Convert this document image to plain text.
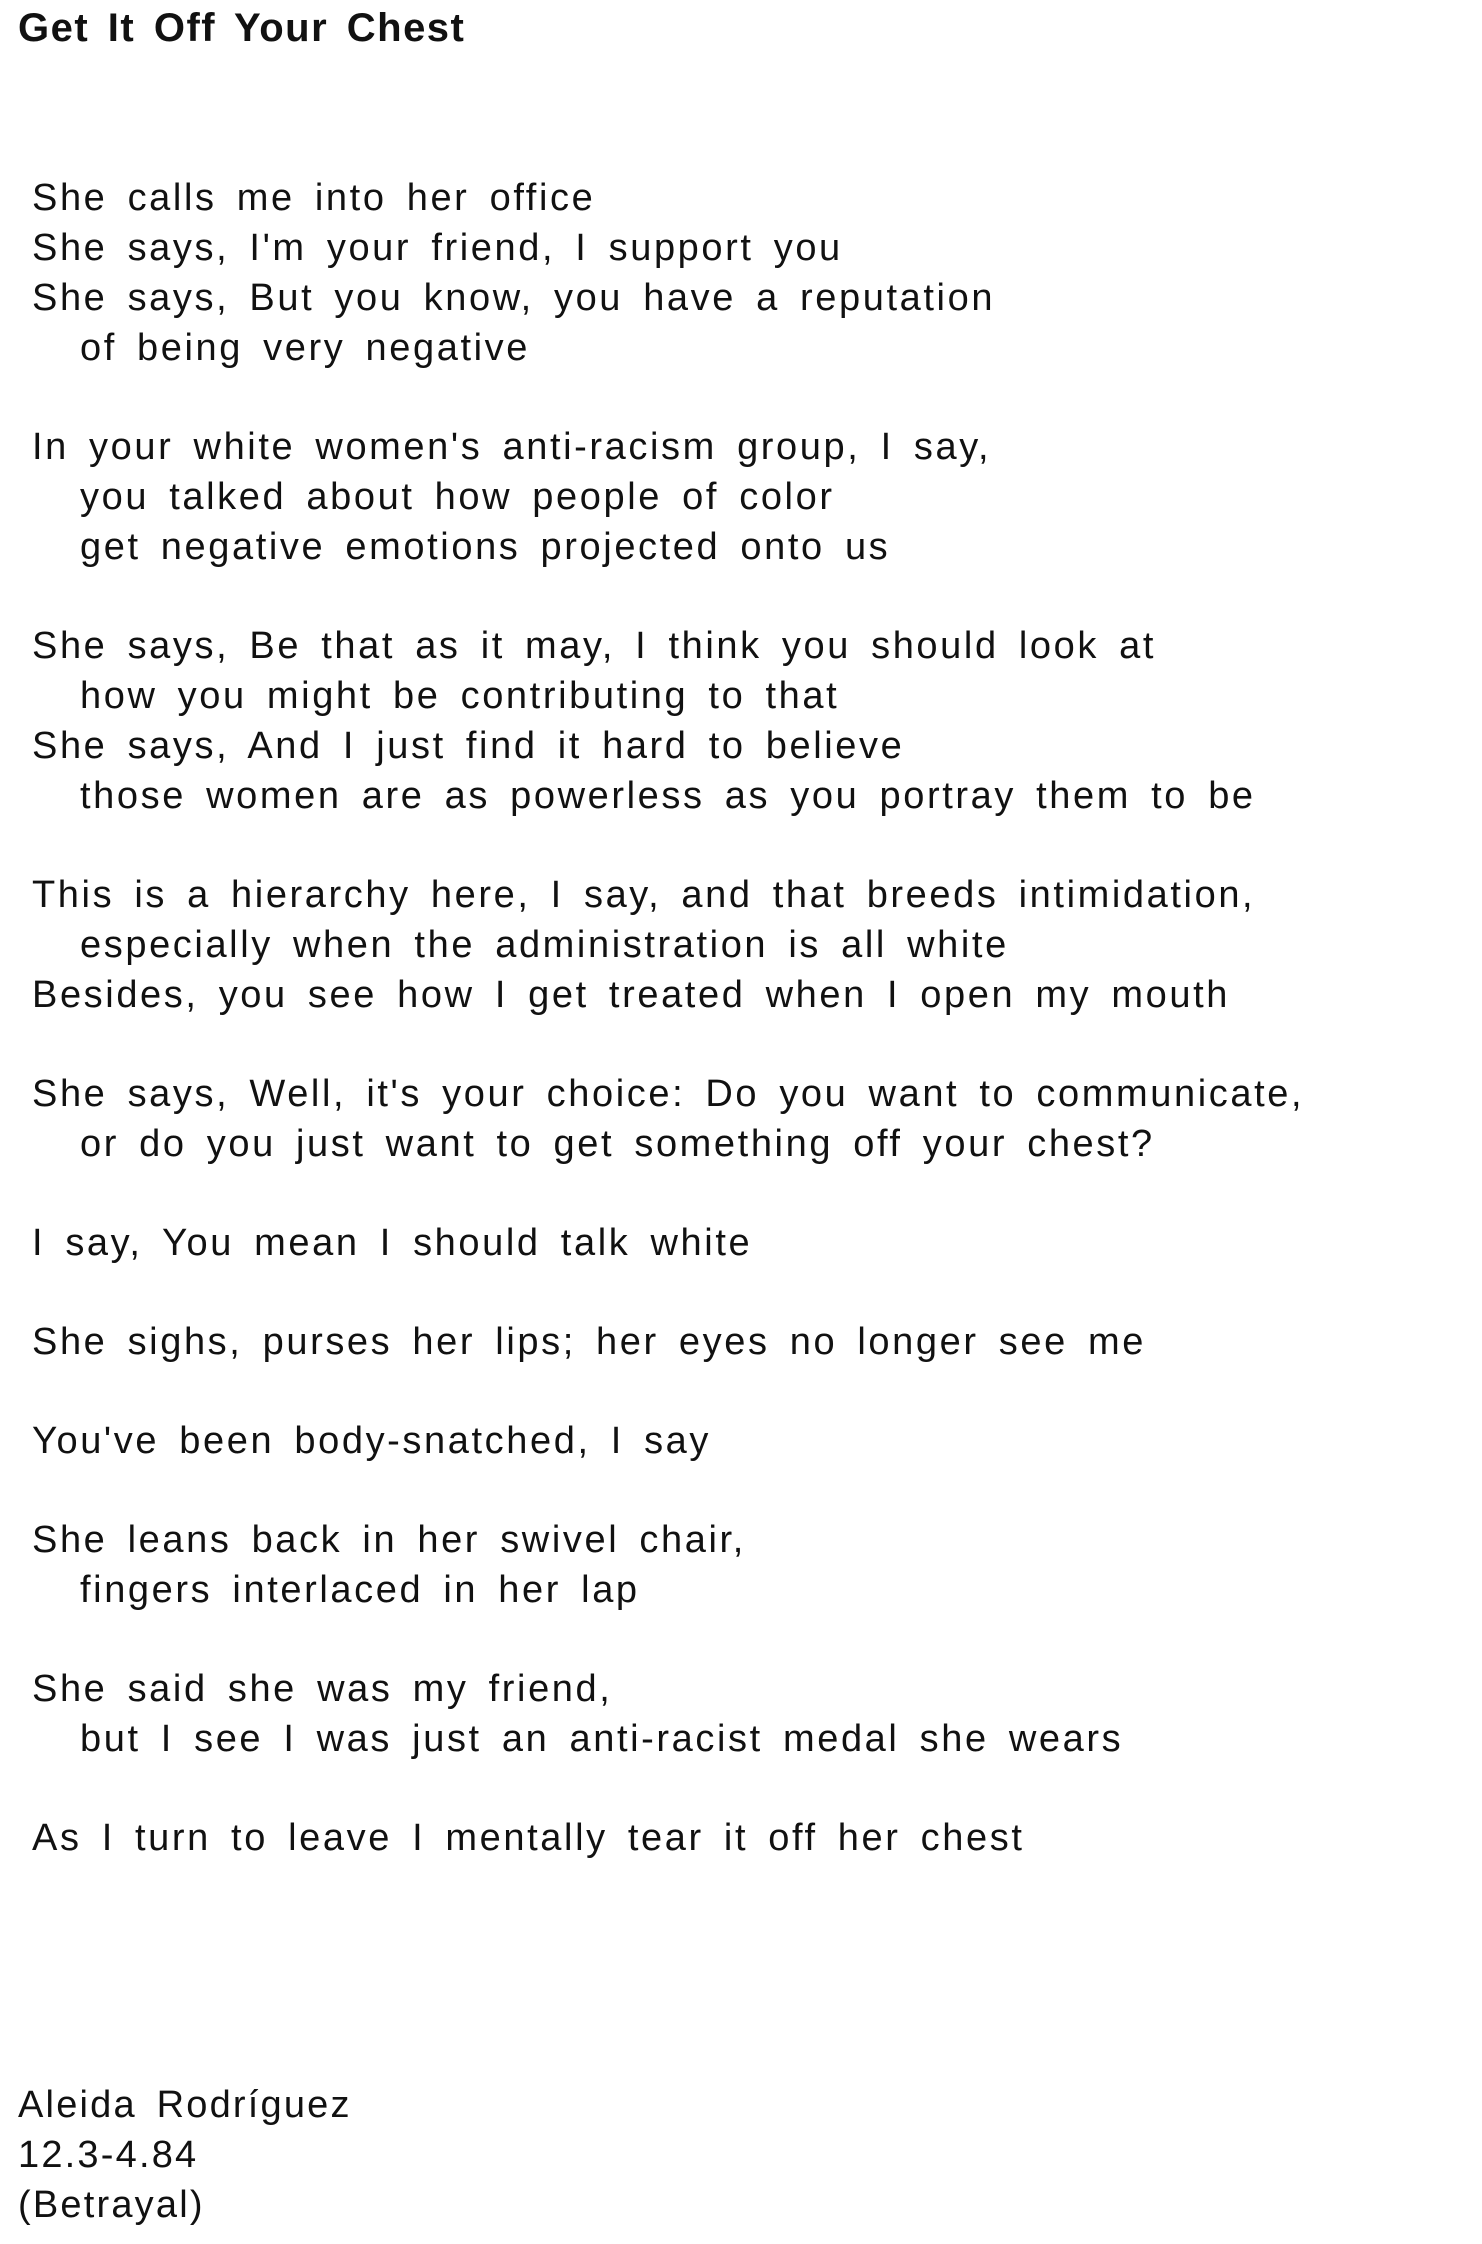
Get It Off Your Chest
She calls me into her office
She says, I'm your friend, I support you
She says, But you know, you have a reputation
of being very negative
In your white women's anti-racism group, I say,
you talked about how people of color
get negative emotions projected onto us
She says, Be that as it may, I think you should look at
how you might be contributing to that
She says, And I just find it hard to believe
those women are as powerless as you portray them to be
This is a hierarchy here, I say, and that breeds intimidation,
especially when the administration is all white
Besides, you see how I get treated when I open my mouth
She says, Well, it's your choice: Do you want to communicate,
or do you just want to get something off your chest?
I say, You mean I should talk white
She sighs, purses her lips; her eyes no longer see me
You've been body-snatched, I say
She leans back in her swivel chair,
fingers interlaced in her lap
She said she was my friend,
but I see I was just an anti-racist medal she wears
As I turn to leave I mentally tear it off her chest
Aleida Rodríguez
12.3-4.84
(Betrayal)
